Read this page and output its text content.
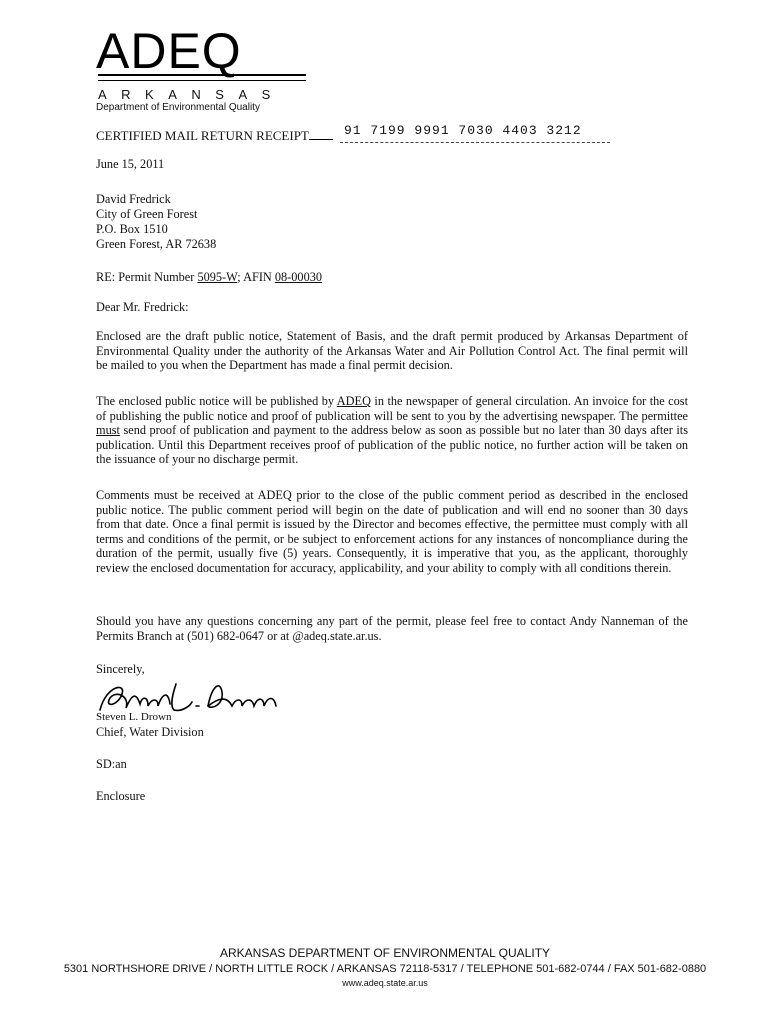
ADEQ
ARKANSAS
Department of Environmental Quality
CERTIFIED MAIL RETURN RECEIPT	91 7199 9991 7030 4403 3212
June 15, 2011
David Fredrick
City of Green Forest
P.O. Box 1510
Green Forest, AR 72638
RE: Permit Number 5095-W; AFIN 08-00030
Dear Mr. Fredrick:
Enclosed are the draft public notice, Statement of Basis, and the draft permit produced by Arkansas Department of Environmental Quality under the authority of the Arkansas Water and Air Pollution Control Act. The final permit will be mailed to you when the Department has made a final permit decision.
The enclosed public notice will be published by ADEQ in the newspaper of general circulation. An invoice for the cost of publishing the public notice and proof of publication will be sent to you by the advertising newspaper. The permittee must send proof of publication and payment to the address below as soon as possible but no later than 30 days after its publication. Until this Department receives proof of publication of the public notice, no further action will be taken on the issuance of your no discharge permit.
Comments must be received at ADEQ prior to the close of the public comment period as described in the enclosed public notice. The public comment period will begin on the date of publication and will end no sooner than 30 days from that date. Once a final permit is issued by the Director and becomes effective, the permittee must comply with all terms and conditions of the permit, or be subject to enforcement actions for any instances of noncompliance during the duration of the permit, usually five (5) years. Consequently, it is imperative that you, as the applicant, thoroughly review the enclosed documentation for accuracy, applicability, and your ability to comply with all conditions therein.
Should you have any questions concerning any part of the permit, please feel free to contact Andy Nanneman of the Permits Branch at (501) 682-0647 or at @adeq.state.ar.us.
Sincerely,
Steven L. Drown
Chief, Water Division
SD:an
Enclosure
ARKANSAS DEPARTMENT OF ENVIRONMENTAL QUALITY
5301 NORTHSHORE DRIVE / NORTH LITTLE ROCK / ARKANSAS 72118-5317 / TELEPHONE 501-682-0744 / FAX 501-682-0880
www.adeq.state.ar.us
